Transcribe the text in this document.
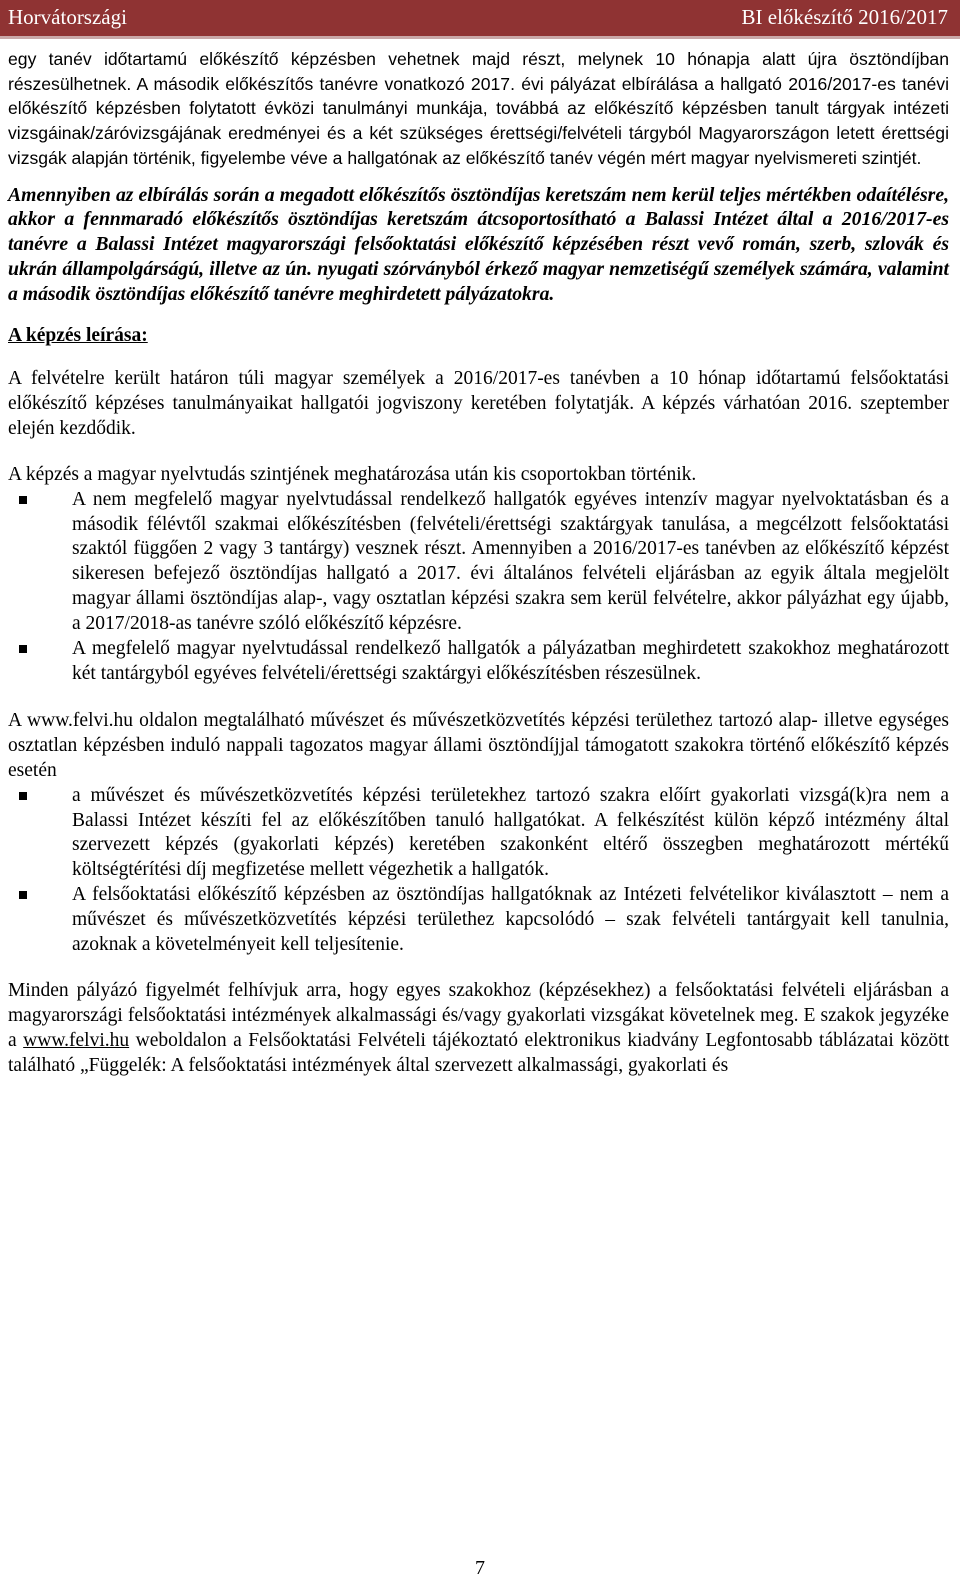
Horvátországi	BI előkészítő 2016/2017

egy tanév időtartamú előkészítő képzésben vehetnek majd részt, melynek 10 hónapja alatt újra ösztöndíjban részesülhetnek. A második előkészítős tanévre vonatkozó 2017. évi pályázat elbírálása a hallgató 2016/2017-es tanévi előkészítő képzésben folytatott évközi tanulmányi munkája, továbbá az előkészítő képzésben tanult tárgyak intézeti vizsgáinak/záróvizsgájának eredményei és a két szükséges érettségi/felvételi tárgyból Magyarországon letett érettségi vizsgák alapján történik, figyelembe véve a hallgatónak az előkészítő tanév végén mért magyar nyelvismereti szintjét.

Amennyiben az elbírálás során a megadott előkészítős ösztöndíjas keretszám nem kerül teljes mértékben odaítélésre, akkor a fennmaradó előkészítős ösztöndíjas keretszám átcsoportosítható a Balassi Intézet által a 2016/2017-es tanévre a Balassi Intézet magyarországi felsőoktatási előkészítő képzésében részt vevő román, szerb, szlovák és ukrán állampolgárságú, illetve az ún. nyugati szórványból érkező magyar nemzetiségű személyek számára, valamint a második ösztöndíjas előkészítő tanévre meghirdetett pályázatokra.

A képzés leírása:

A felvételre került határon túli magyar személyek a 2016/2017-es tanévben a 10 hónap időtartamú felsőoktatási előkészítő képzéses tanulmányaikat hallgatói jogviszony keretében folytatják. A képzés várhatóan 2016. szeptember elején kezdődik.

A képzés a magyar nyelvtudás szintjének meghatározása után kis csoportokban történik.

A nem megfelelő magyar nyelvtudással rendelkező hallgatók egyéves intenzív magyar nyelvoktatásban és a második félévtől szakmai előkészítésben (felvételi/érettségi szaktárgyak tanulása, a megcélzott felsőoktatási szaktól függően 2 vagy 3 tantárgy) vesznek részt. Amennyiben a 2016/2017-es tanévben az előkészítő képzést sikeresen befejező ösztöndíjas hallgató a 2017. évi általános felvételi eljárásban az egyik általa megjelölt magyar állami ösztöndíjas alap-, vagy osztatlan képzési szakra sem kerül felvételre, akkor pályázhat egy újabb, a 2017/2018-as tanévre szóló előkészítő képzésre.
A megfelelő magyar nyelvtudással rendelkező hallgatók a pályázatban meghirdetett szakokhoz meghatározott két tantárgyból egyéves felvételi/érettségi szaktárgyi előkészítésben részesülnek.

A www.felvi.hu oldalon megtalálható művészet és művészetközvetítés képzési területhez tartozó alap- illetve egységes osztatlan képzésben induló nappali tagozatos magyar állami ösztöndíjjal támogatott szakokra történő előkészítő képzés esetén

a művészet és művészetközvetítés képzési területekhez tartozó szakra előírt gyakorlati vizsgá(k)ra nem a Balassi Intézet készíti fel az előkészítőben tanuló hallgatókat. A felkészítést külön képző intézmény által szervezett képzés (gyakorlati képzés) keretében szakonként eltérő összegben meghatározott mértékű költségtérítési díj megfizetése mellett végezhetik a hallgatók.
A felsőoktatási előkészítő képzésben az ösztöndíjas hallgatóknak az Intézeti felvételikor kiválasztott – nem a művészet és művészetközvetítés képzési területhez kapcsolódó – szak felvételi tantárgyait kell tanulnia, azoknak a követelményeit kell teljesítenie.

Minden pályázó figyelmét felhívjuk arra, hogy egyes szakokhoz (képzésekhez) a felsőoktatási felvételi eljárásban a magyarországi felsőoktatási intézmények alkalmassági és/vagy gyakorlati vizsgákat követelnek meg. E szakok jegyzéke a www.felvi.hu weboldalon a Felsőoktatási Felvételi tájékoztató elektronikus kiadvány Legfontosabb táblázatai között található „Függelék: A felsőoktatási intézmények által szervezett alkalmassági, gyakorlati és

7
